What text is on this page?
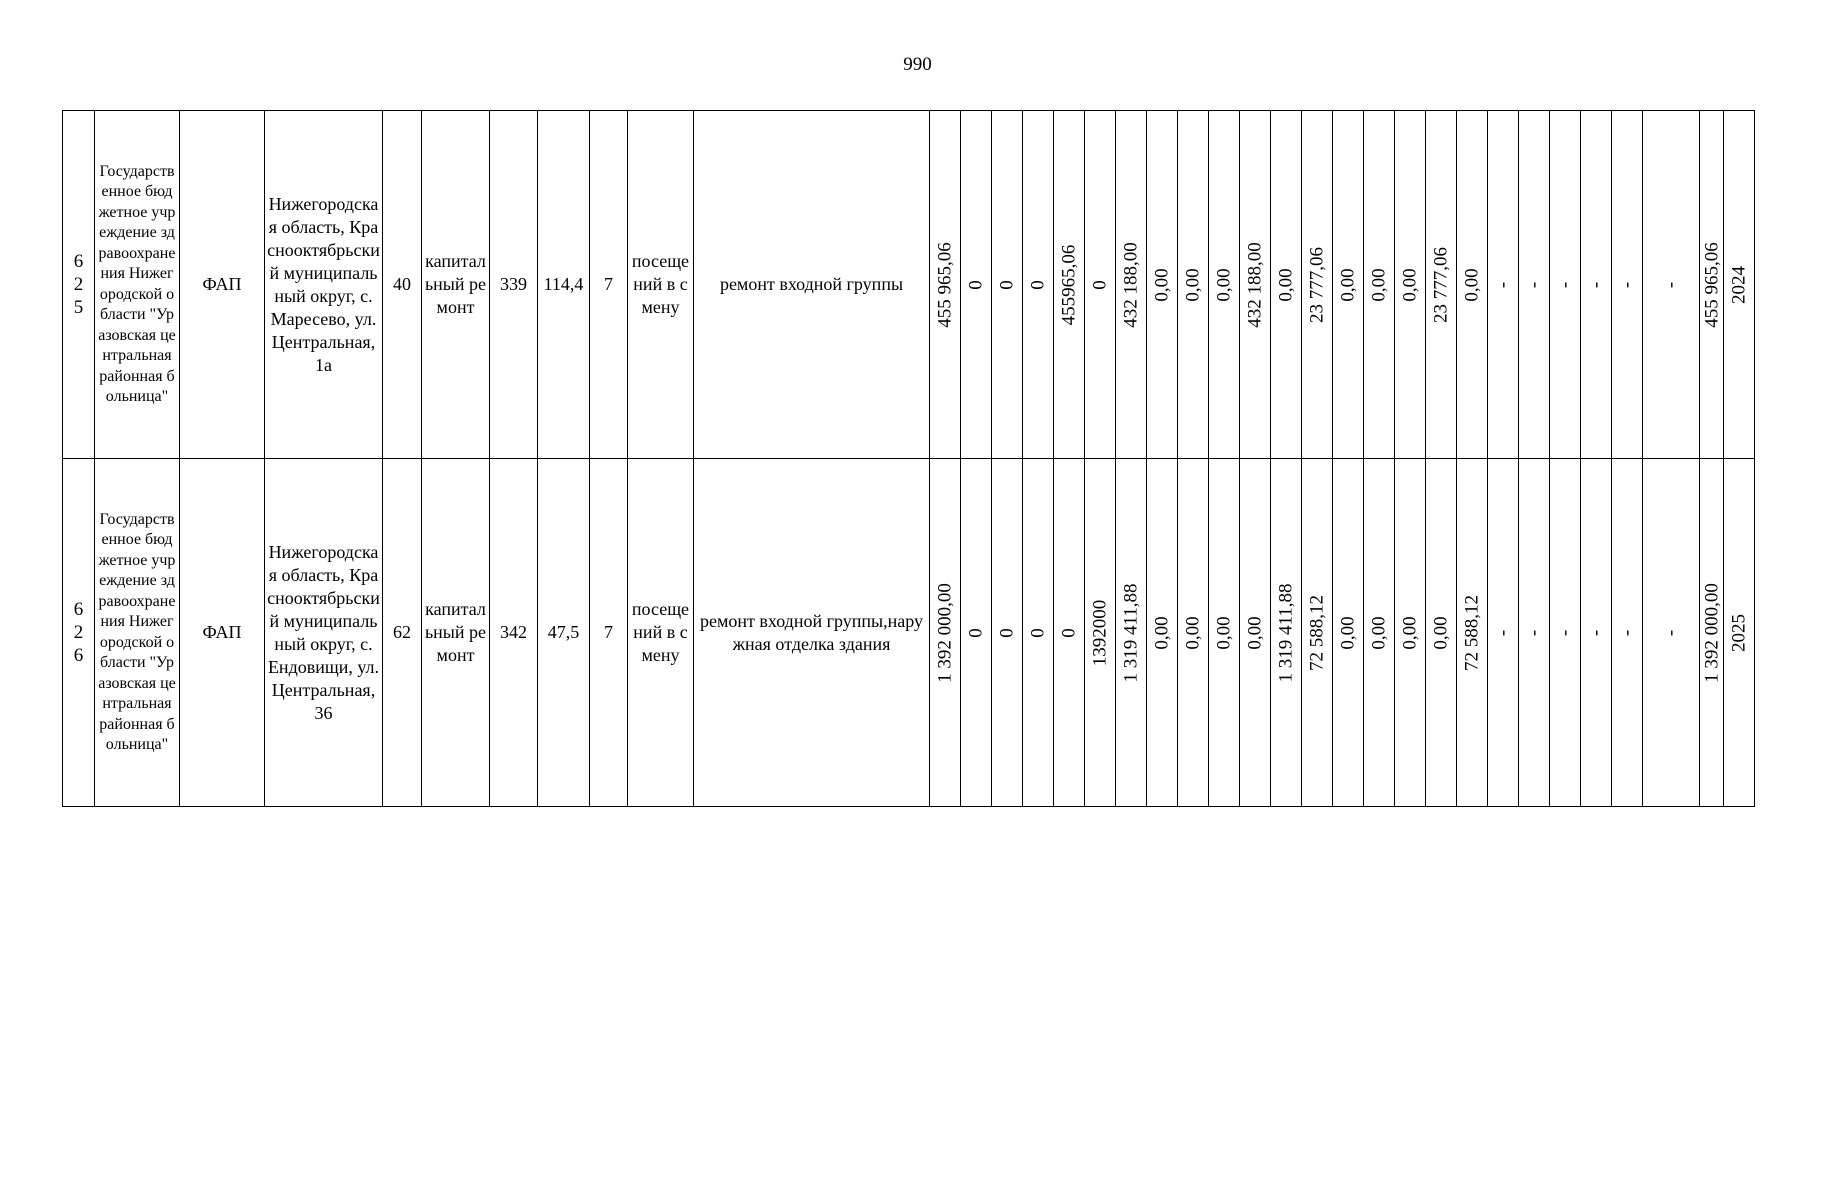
990
625	Государственное бюджетное учреждение здравоохранения Нижегородской области "Уразовская центральная районная больница"	ФАП	Нижегородская область, Краснооктябрьский муниципальный округ, с. Маресево, ул.Центральная, 1а	40	капитальный ремонт	339	114,4	7	посещений в смену	ремонт входной группы	455 965,06	0	0	0	455965,06	0	432 188,00	0,00	0,00	0,00	432 188,00	0,00	23 777,06	0,00	0,00	0,00	23 777,06	0,00	-	-	-	-	-	-	455 965,06	2024

626	Государственное бюджетное учреждение здравоохранения Нижегородской области "Уразовская центральная районная больница"	ФАП	Нижегородская область, Краснооктябрьский муниципальный округ, с. Ендовищи, ул.Центральная, 36	62	капитальный ремонт	342	47,5	7	посещений в смену	ремонт входной группы,наружная отделка здания	1 392 000,00	0	0	0	0	1392000	1 319 411,88	0,00	0,00	0,00	0,00	1 319 411,88	72 588,12	0,00	0,00	0,00	0,00	72 588,12	-	-	-	-	-	-	1 392 000,00	2025
